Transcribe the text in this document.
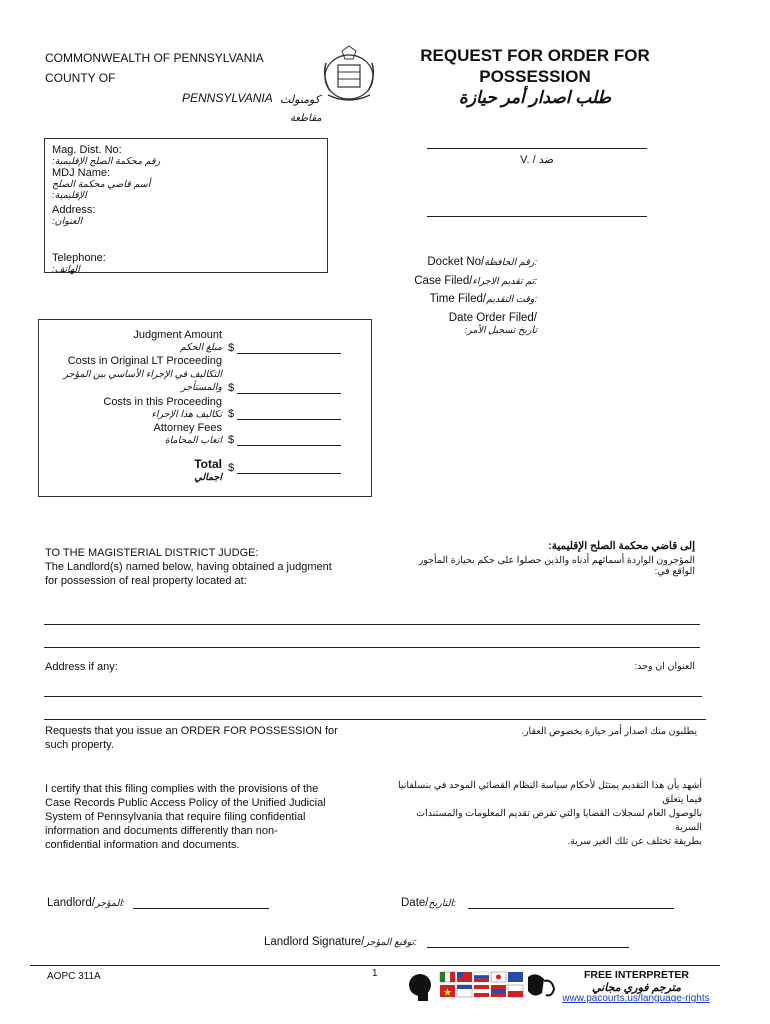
COMMONWEALTH OF PENNSYLVANIA
COUNTY OF
PENNSYLVANIA كومنولث
مقاطعة
REQUEST FOR ORDER FOR
POSSESSION
طلب اصدار أمر حيازة
Mag. Dist. No:
رقم محكمة الصلح الإقليمية:
MDJ Name:
أسم قاضي محكمة الصلح الإقليمية:
Address:
العنوان:
Telephone:
الهاتف:
V. / ضد
Docket No/رقم الحافظة:
Case Filed/تم تقديم الاجراء:
Time Filed/وقت التقديم:
Date Order Filed/
تاريخ تسجيل الأمر:
Judgment Amount
مبلغ الحكم $
Costs in Original LT Proceeding
التكاليف في الإجراء الأساسي بين المؤجر
والمستأجر $
Costs in this Proceeding
تكاليف هذا الإجراء $
Attorney Fees
اتعاب المحاماة $
Total
اجمالي
$
TO THE MAGISTERIAL DISTRICT JUDGE:
The Landlord(s) named below, having obtained a judgment
for possession of real property located at:
إلى قاضي محكمة الصلح الإقليمية:
المؤجرون الواردة أسمائهم أدناه والذين حصلوا على حكم بحيازة المأجور الواقع في:
Address if any:	العنوان ان وجد:
Requests that you issue an ORDER FOR POSSESSION for
such property.
يطلبون منك اصدار أمر حيازة بخصوص العقار.
I certify that this filing complies with the provisions of the
Case Records Public Access Policy of the Unified Judicial
System of Pennsylvania that require filing confidential
information and documents differently than non-
confidential information and documents.
أشهد بأن هذا التقديم يمتثل لأحكام سياسة النظام القضائي الموحد في بنسلفانيا فيما يتعلق
بالوصول العام لسجلات القضايا والتي تفرض تقديم المعلومات والمستندات السرية
بطريقة تختلف عن تلك الغير سرية.
Landlord/المؤجر:	Date/التاريخ:
Landlord Signature/توقيع المؤجر:
AOPC 311A	1	FREE INTERPRETER
مترجم فوري مجاني
www.pacourts.us/language-rights
